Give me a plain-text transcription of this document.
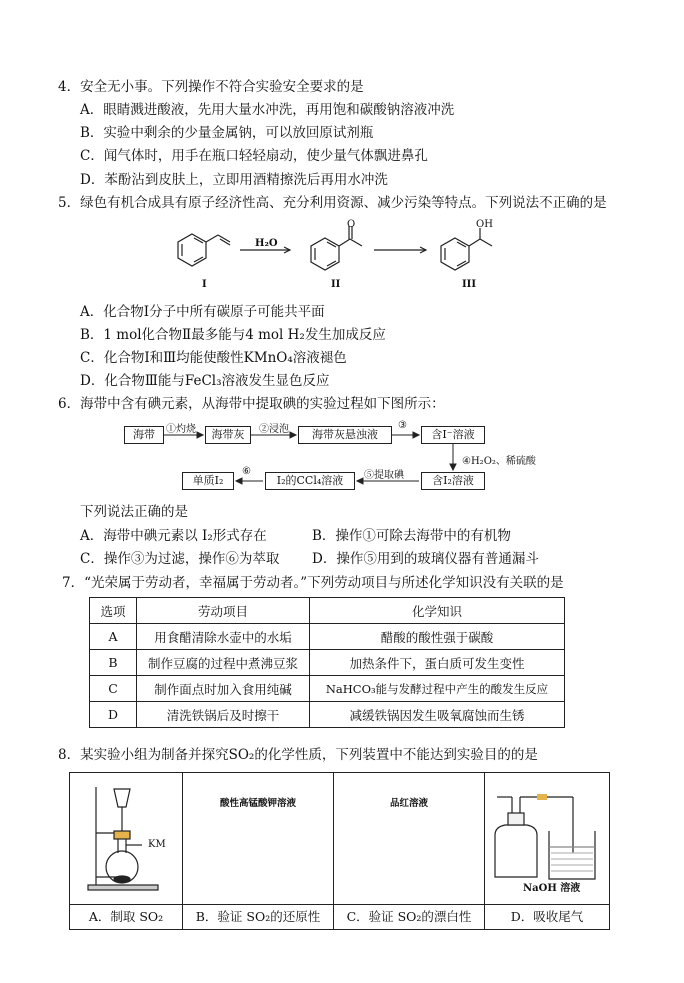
4．安全无小事。下列操作不符合实验安全要求的是
A．眼睛溅进酸液，先用大量水冲洗，再用饱和碳酸钠溶液冲洗
B．实验中剩余的少量金属钠，可以放回原试剂瓶
C．闻气体时，用手在瓶口轻轻扇动，使少量气体飘进鼻孔
D．苯酚沾到皮肤上，立即用酒精擦洗后再用水冲洗
5．绿色有机合成具有原子经济性高、充分利用资源、减少污染等特点。下列说法不正确的是
H₂O
O	OH
I	II	III
A．化合物Ⅰ分子中所有碳原子可能共平面
B．1 mol化合物Ⅱ最多能与4 mol H₂发生加成反应
C．化合物Ⅰ和Ⅲ均能使酸性KMnO₄溶液褪色
D．化合物Ⅲ能与FeCl₃溶液发生显色反应
6．海带中含有碘元素，从海带中提取碘的实验过程如下图所示：
海带	海带灰	海带灰悬浊液	含I⁻溶液
含I₂溶液
I₂的CCl₄溶液
单质I₂
①灼烧	②浸泡	③
④H₂O₂、稀硫酸
⑤提取碘
⑥
下列说法正确的是
A．海带中碘元素以 I₂形式存在	B．操作①可除去海带中的有机物
C．操作③为过滤，操作⑥为萃取 D．操作⑤用到的玻璃仪器有普通漏斗
7．“光荣属于劳动者，幸福属于劳动者。”下列劳动项目与所述化学知识没有关联的是
选项	劳动项目	化学知识
A	用食醋清除水壶中的水垢	醋酸的酸性强于碳酸
B	制作豆腐的过程中煮沸豆浆	加热条件下，蛋白质可发生变性
C	制作面点时加入食用纯碱	NaHCO₃能与发酵过程中产生的酸发生反应
D	清洗铁锅后及时擦干	减缓铁锅因发生吸氧腐蚀而生锈
8．某实验小组为制备并探究SO₂的化学性质，下列装置中不能达到实验目的的是
KM	酸性高锰酸钾溶液	品红溶液	NaOH 溶液

A．制取 SO₂	B．验证 SO₂的还原性	C．验证 SO₂的漂白性	D．吸收尾气
